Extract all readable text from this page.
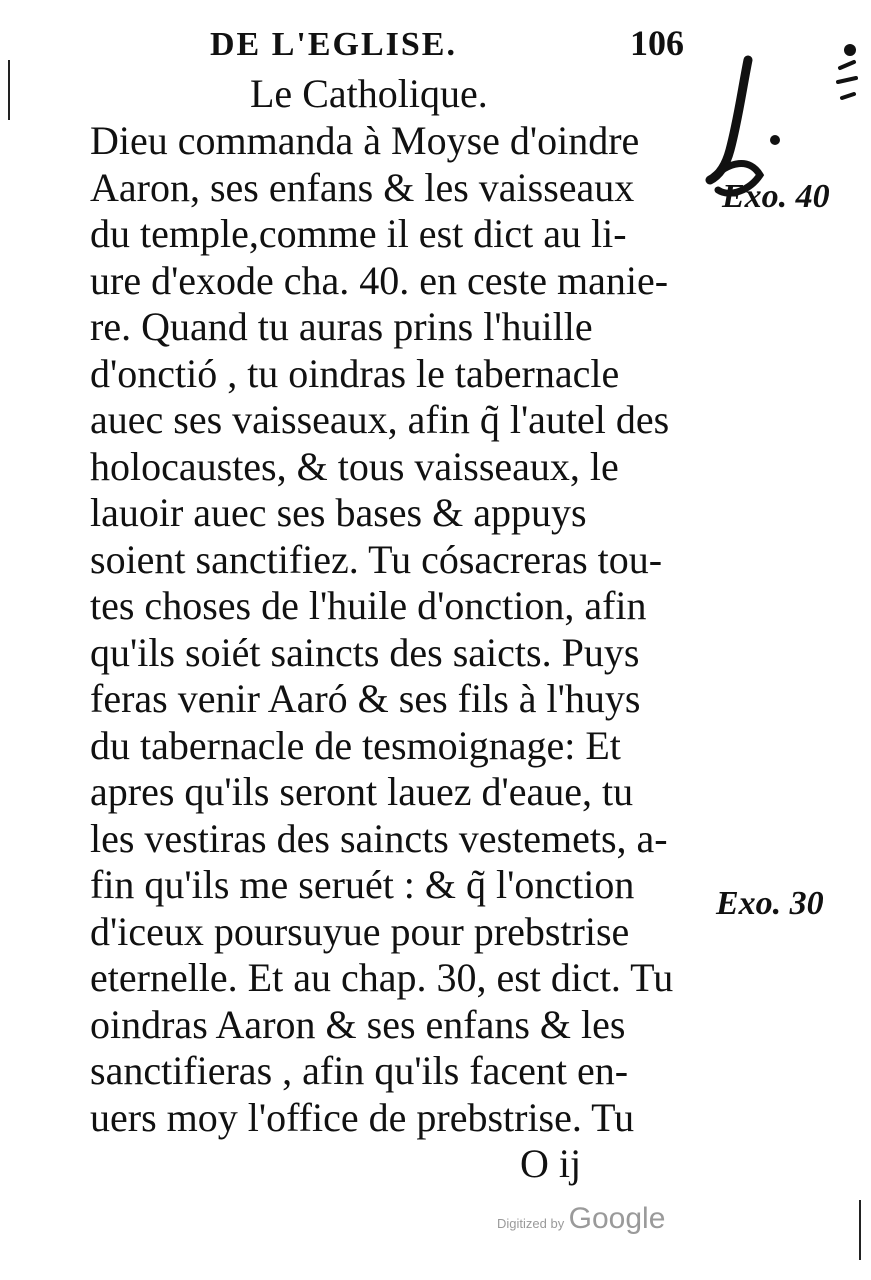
DE L'EGLISE.	106
Le Catholique.
Dieu commanda à Moyse d'oindre
Aaron, ses enfans & les vaisseaux
du temple,comme il est dict au li-
ure d'exode cha. 40. en ceste manie-
re. Quand tu auras prins l'huille
d'onctió , tu oindras le tabernacle
auec ses vaisseaux, afin q̃ l'autel des
holocaustes, & tous vaisseaux, le
lauoir auec ses bases & appuys
soient sanctifiez. Tu cósacreras tou-
tes choses de l'huile d'onction, afin
qu'ils soiét saincts des saicts. Puys
feras venir Aaró & ses fils à l'huys
du tabernacle de tesmoignage: Et
apres qu'ils seront lauez d'eaue, tu
les vestiras des saincts vestemets, a-
fin qu'ils me seruét : & q̃ l'onction
d'iceux poursuyue pour prebstrise
eternelle. Et au chap. 30, est dict. Tu
oindras Aaron & ses enfans & les
sanctifieras , afin qu'ils facent en-
uers moy l'office de prebstrise. Tu
Exo. 40
Exo. 30
O ij
Digitized by Google
